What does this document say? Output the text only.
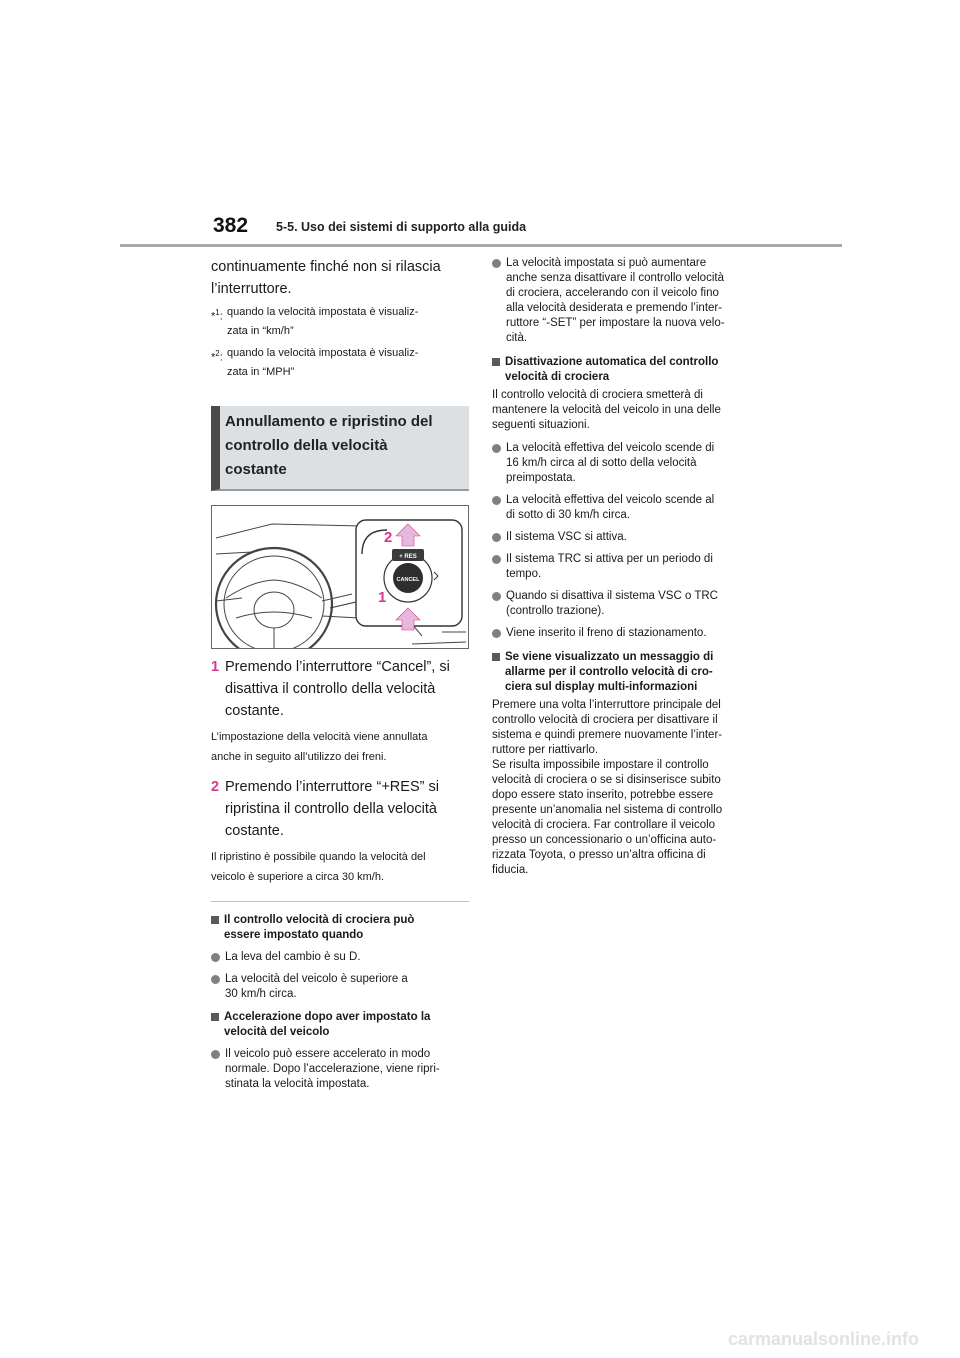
382 5-5. Uso dei sistemi di supporto alla guida

continuamente finché non si rilascia
l’interruttore.

*$^1$: quando la velocità impostata è visualiz-
zata in “km/h”
*$^2$: quando la velocità impostata è visualiz-
zata in “MPH”
Annullamento e ripristino del
controllo della velocità
costante
+ RES
CANCEL
2
1
1 Premendo l’interruttore “Cancel”, si
disattiva il controllo della velocità
costante.

L’impostazione della velocità viene annullata
anche in seguito all’utilizzo dei freni.

2 Premendo l’interruttore “+RES” si
ripristina il controllo della velocità
costante.

Il ripristino è possibile quando la velocità del
veicolo è superiore a circa 30 km/h.

Il controllo velocità di crociera può
essere impostato quando
La leva del cambio è su D.
La velocità del veicolo è superiore a
30 km/h circa.
Accelerazione dopo aver impostato la
velocità del veicolo
Il veicolo può essere accelerato in modo
normale. Dopo l’accelerazione, viene ripri-
stinata la velocità impostata.
La velocità impostata si può aumentare
anche senza disattivare il controllo velocità
di crociera, accelerando con il veicolo fino
alla velocità desiderata e premendo l’inter-
ruttore “-SET” per impostare la nuova velo-
cità.
Disattivazione automatica del controllo
velocità di crociera

Il controllo velocità di crociera smetterà di
mantenere la velocità del veicolo in una delle
seguenti situazioni.

La velocità effettiva del veicolo scende di
16 km/h circa al di sotto della velocità
preimpostata.
La velocità effettiva del veicolo scende al
di sotto di 30 km/h circa.
Il sistema VSC si attiva.
Il sistema TRC si attiva per un periodo di
tempo.
Quando si disattiva il sistema VSC o TRC
(controllo trazione).
Viene inserito il freno di stazionamento.
Se viene visualizzato un messaggio di
allarme per il controllo velocità di cro-
ciera sul display multi-informazioni

Premere una volta l’interruttore principale del
controllo velocità di crociera per disattivare il
sistema e quindi premere nuovamente l’inter-
ruttore per riattivarlo.
Se risulta impossibile impostare il controllo
velocità di crociera o se si disinserisce subito
dopo essere stato inserito, potrebbe essere
presente un’anomalia nel sistema di controllo
velocità di crociera. Far controllare il veicolo
presso un concessionario o un’officina auto-
rizzata Toyota, o presso un’altra officina di
fiducia.

carmanualsonline.info
